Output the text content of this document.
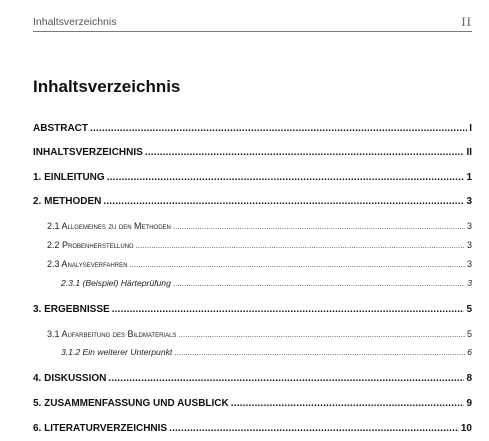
Inhaltsverzeichnis	II
Inhaltsverzeichnis
ABSTRACT .....	I
INHALTSVERZEICHNIS .....	II
1. EINLEITUNG .....	1
2. METHODEN .....	3
2.1 Allgemeines zu den Methoden .....	3
2.2 Probenherstellung .....	3
2.3 Analyseverfahren .....	3
2.3.1 (Beispiel) Härteprüfung .....	3
3. ERGEBNISSE .....	5
3.1 Aufarbeitung des Bildmaterials .....	5
3.1.2 Ein weiterer Unterpunkt .....	6
4. DISKUSSION .....	8
5. ZUSAMMENFASSUNG UND AUSBLICK .....	9
6. LITERATURVERZEICHNIS .....	10
